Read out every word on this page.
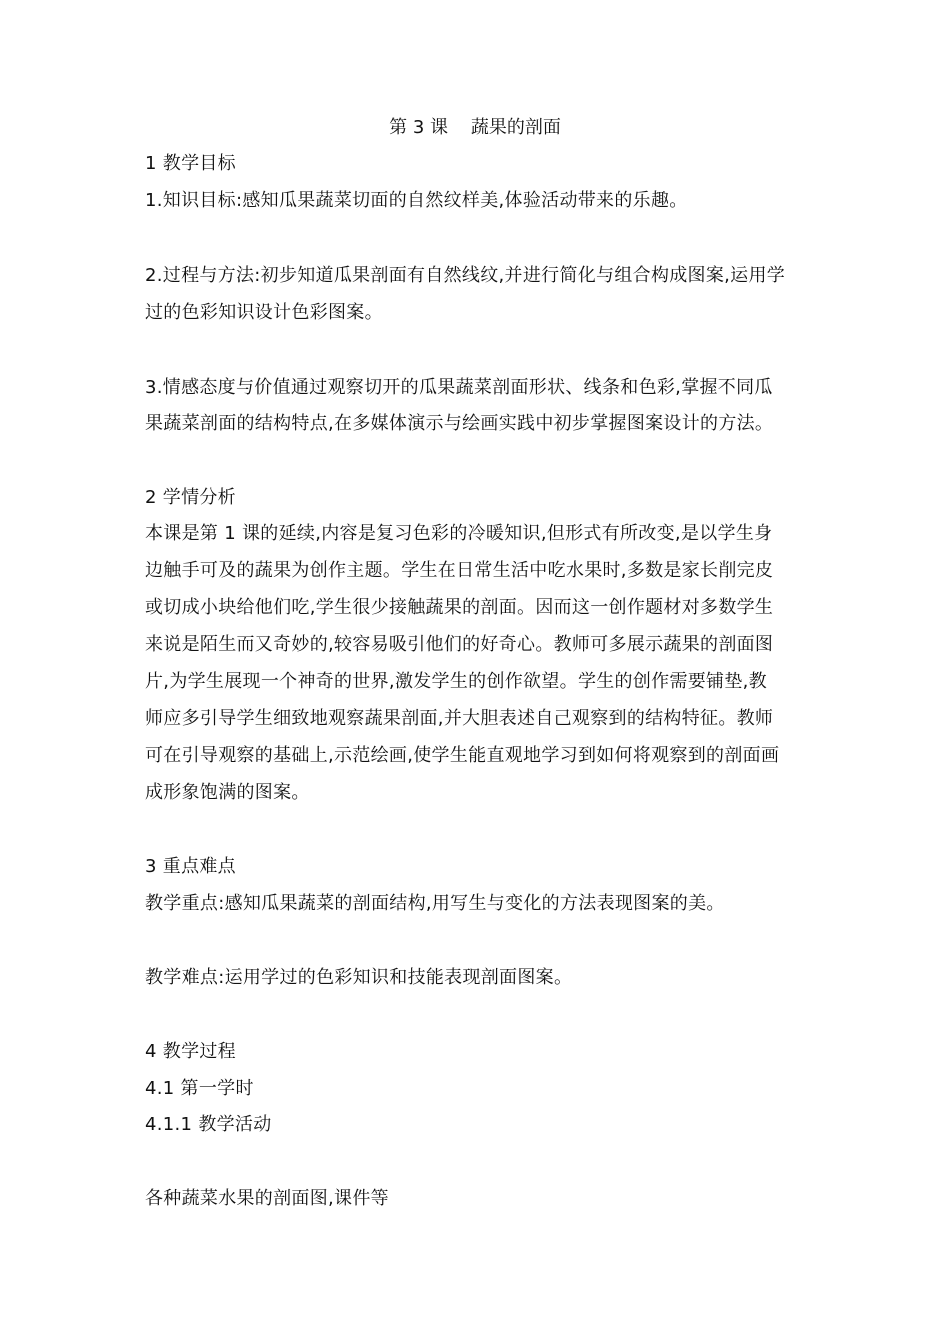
第 3 课    蔬果的剖面
1 教学目标
1.知识目标:感知瓜果蔬菜切面的自然纹样美,体验活动带来的乐趣。
2.过程与方法:初步知道瓜果剖面有自然线纹,并进行简化与组合构成图案,运用学
过的色彩知识设计色彩图案。
3.情感态度与价值通过观察切开的瓜果蔬菜剖面形状、线条和色彩,掌握不同瓜
果蔬菜剖面的结构特点,在多媒体演示与绘画实践中初步掌握图案设计的方法。
2 学情分析
本课是第 1 课的延续,内容是复习色彩的冷暖知识,但形式有所改变,是以学生身
边触手可及的蔬果为创作主题。学生在日常生活中吃水果时,多数是家长削完皮
或切成小块给他们吃,学生很少接触蔬果的剖面。因而这一创作题材对多数学生
来说是陌生而又奇妙的,较容易吸引他们的好奇心。教师可多展示蔬果的剖面图
片,为学生展现一个神奇的世界,激发学生的创作欲望。学生的创作需要铺垫,教
师应多引导学生细致地观察蔬果剖面,并大胆表述自己观察到的结构特征。教师
可在引导观察的基础上,示范绘画,使学生能直观地学习到如何将观察到的剖面画
成形象饱满的图案。
3 重点难点
教学重点:感知瓜果蔬菜的剖面结构,用写生与变化的方法表现图案的美。
教学难点:运用学过的色彩知识和技能表现剖面图案。
4 教学过程
4.1 第一学时
4.1.1 教学活动
各种蔬菜水果的剖面图,课件等
